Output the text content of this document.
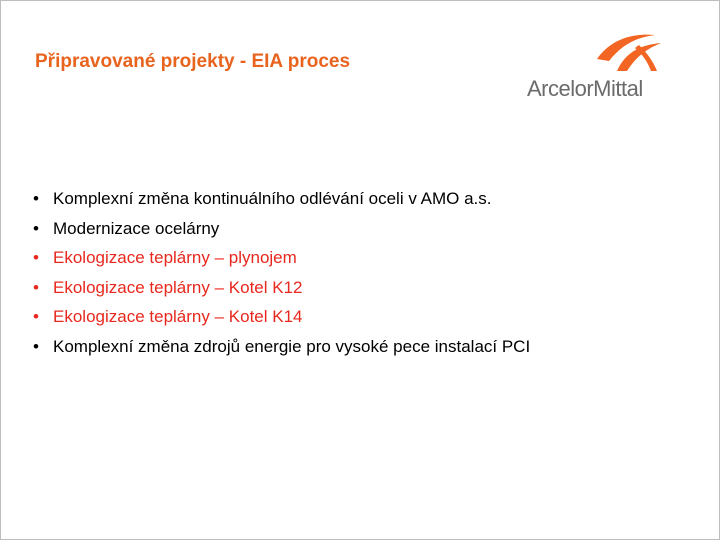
Připravované projekty - EIA proces
ArcelorMittal
• Komplexní změna kontinuálního odlévání oceli v AMO a.s.
• Modernizace ocelárny
• Ekologizace teplárny – plynojem
• Ekologizace teplárny – Kotel K12
• Ekologizace teplárny – Kotel K14
• Komplexní změna zdrojů energie pro vysoké pece instalací PCI
